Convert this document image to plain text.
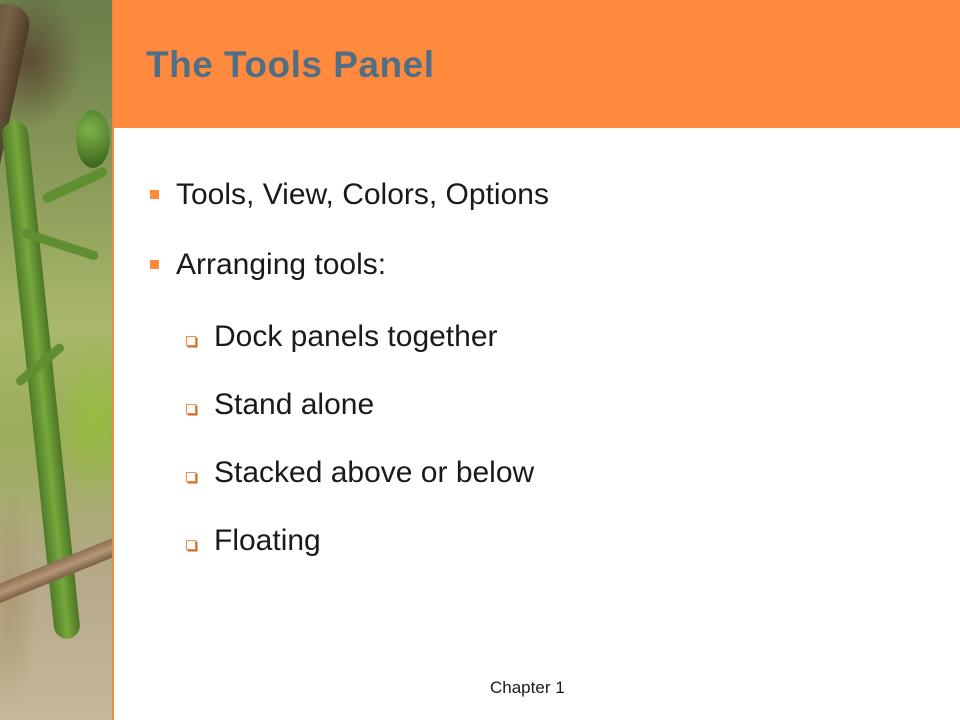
The Tools Panel
Tools, View, Colors, Options
Arranging tools:
Dock panels together
Stand alone
Stacked above or below
Floating
Chapter 1
